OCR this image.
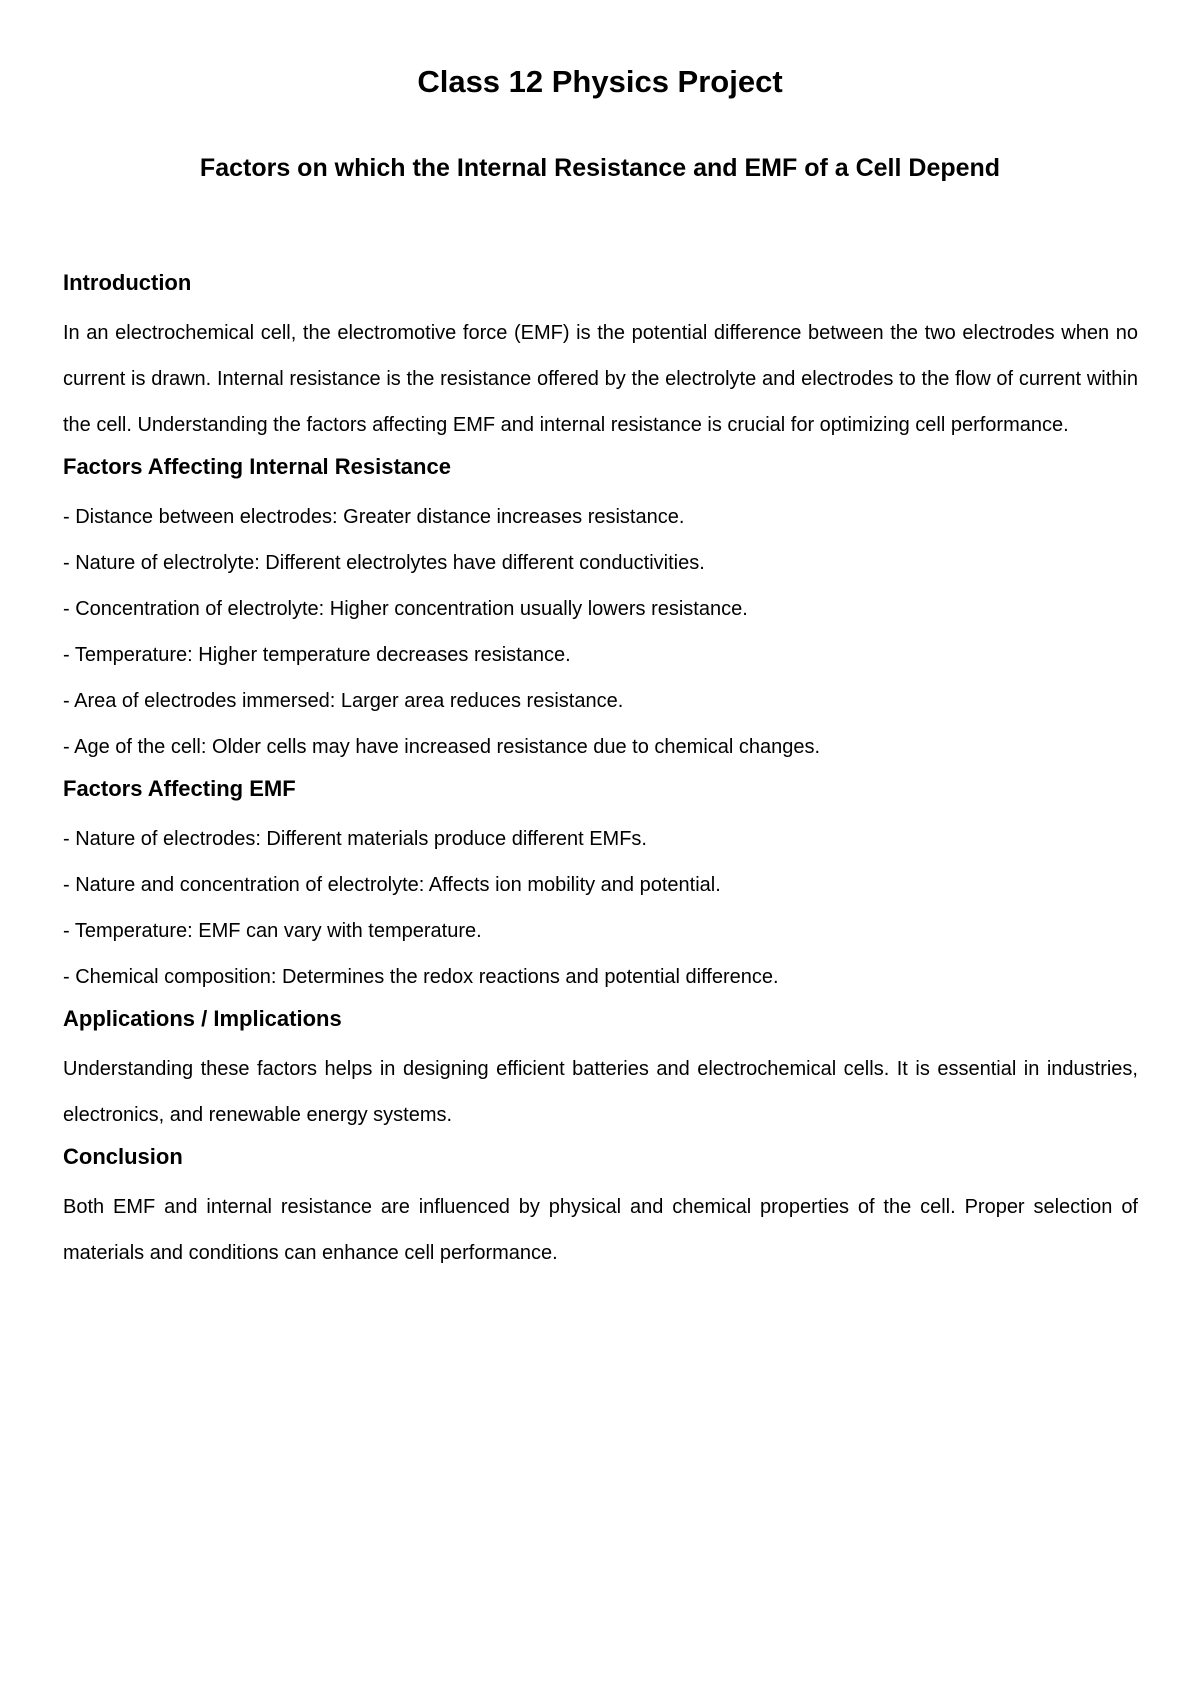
Class 12 Physics Project
Factors on which the Internal Resistance and EMF of a Cell Depend
Introduction

In an electrochemical cell, the electromotive force (EMF) is the potential difference between the two electrodes when no current is drawn. Internal resistance is the resistance offered by the electrolyte and electrodes to the flow of current within the cell. Understanding the factors affecting EMF and internal resistance is crucial for optimizing cell performance.

Factors Affecting Internal Resistance
- Distance between electrodes: Greater distance increases resistance.
- Nature of electrolyte: Different electrolytes have different conductivities.
- Concentration of electrolyte: Higher concentration usually lowers resistance.
- Temperature: Higher temperature decreases resistance.
- Area of electrodes immersed: Larger area reduces resistance.
- Age of the cell: Older cells may have increased resistance due to chemical changes.
Factors Affecting EMF
- Nature of electrodes: Different materials produce different EMFs.
- Nature and concentration of electrolyte: Affects ion mobility and potential.
- Temperature: EMF can vary with temperature.
- Chemical composition: Determines the redox reactions and potential difference.
Applications / Implications

Understanding these factors helps in designing efficient batteries and electrochemical cells. It is essential in industries, electronics, and renewable energy systems.

Conclusion

Both EMF and internal resistance are influenced by physical and chemical properties of the cell. Proper selection of materials and conditions can enhance cell performance.
